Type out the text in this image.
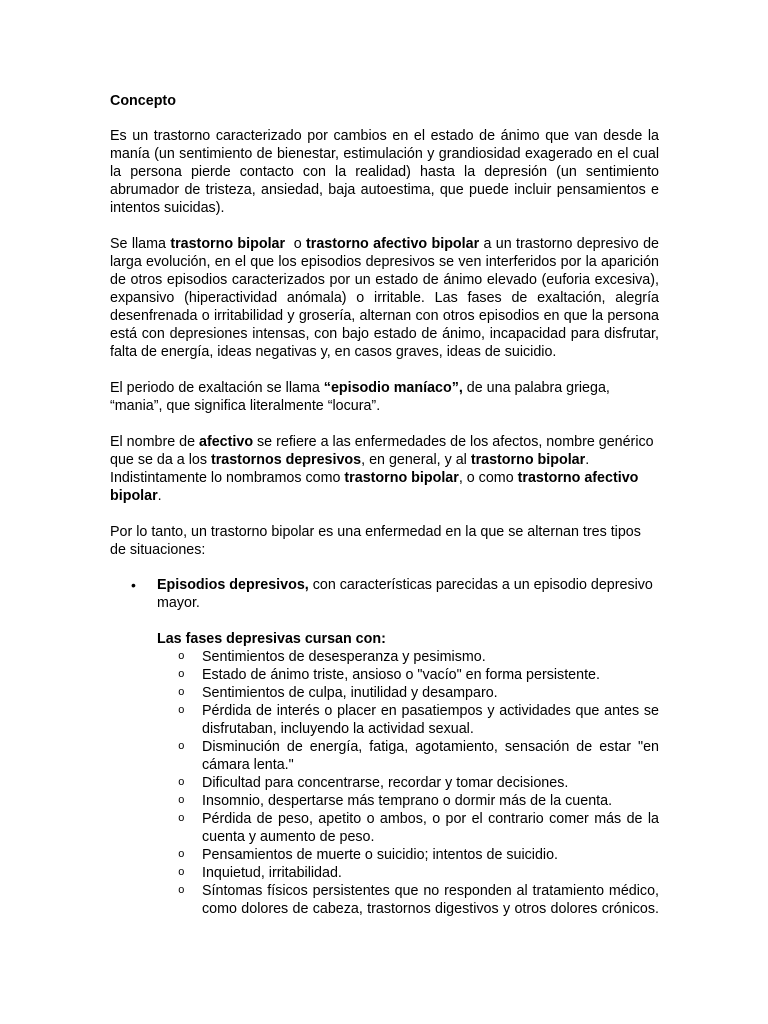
Concepto

Es un trastorno caracterizado por cambios en el estado de ánimo que van desde la manía (un sentimiento de bienestar, estimulación y grandiosidad exagerado en el cual la persona pierde contacto con la realidad) hasta la depresión (un sentimiento abrumador de tristeza, ansiedad, baja autoestima, que puede incluir pensamientos e intentos suicidas).

Se llama trastorno bipolar  o trastorno afectivo bipolar a un trastorno depresivo de larga evolución, en el que los episodios depresivos se ven interferidos por la aparición de otros episodios caracterizados por un estado de ánimo elevado (euforia excesiva), expansivo (hiperactividad anómala) o irritable. Las fases de exaltación, alegría desenfrenada o irritabilidad y grosería, alternan con otros episodios en que la persona está con depresiones intensas, con bajo estado de ánimo, incapacidad para disfrutar, falta de energía, ideas negativas y, en casos graves, ideas de suicidio.

El periodo de exaltación se llama “episodio maníaco”, de una palabra griega, “mania”, que significa literalmente “locura”.

El nombre de afectivo se refiere a las enfermedades de los afectos, nombre genérico que se da a los trastornos depresivos, en general, y al trastorno bipolar. Indistintamente lo nombramos como trastorno bipolar, o como trastorno afectivo bipolar.

Por lo tanto, un trastorno bipolar es una enfermedad en la que se alternan tres tipos de situaciones:

• Episodios depresivos, con características parecidas a un episodio depresivo mayor.
Las fases depresivas cursan con:
o Sentimientos de desesperanza y pesimismo.
o Estado de ánimo triste, ansioso o "vacío" en forma persistente.
o Sentimientos de culpa, inutilidad y desamparo.
o Pérdida de interés o placer en pasatiempos y actividades que antes se disfrutaban, incluyendo la actividad sexual.
o Disminución de energía, fatiga, agotamiento, sensación de estar "en cámara lenta."
o Dificultad para concentrarse, recordar y tomar decisiones.
o Insomnio, despertarse más temprano o dormir más de la cuenta.
o Pérdida de peso, apetito o ambos, o por el contrario comer más de la cuenta y aumento de peso.
o Pensamientos de muerte o suicidio; intentos de suicidio.
o Inquietud, irritabilidad.
o Síntomas físicos persistentes que no responden al tratamiento médico, como dolores de cabeza, trastornos digestivos y otros dolores crónicos.
